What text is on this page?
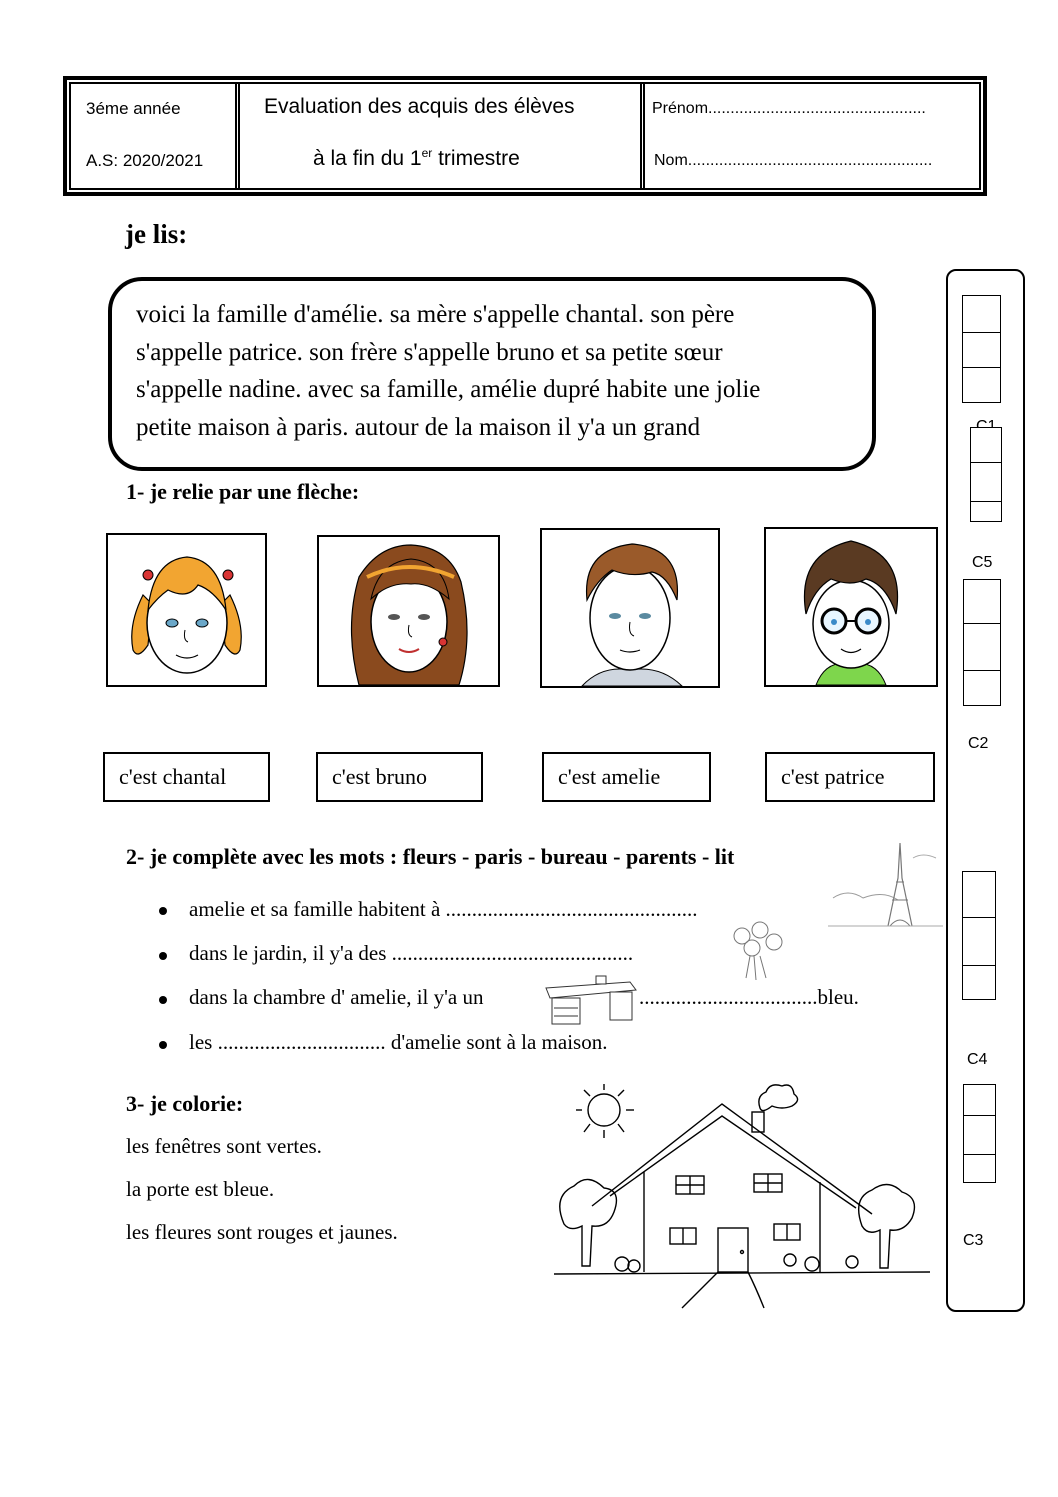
3éme année
A.S: 2020/2021
Evaluation des acquis des élèves
à la fin du 1er trimestre
Prénom.................................................
Nom.......................................................
je lis:
voici la famille d'amélie. sa mère s'appelle chantal. son père
s'appelle patrice. son frère s'appelle bruno et sa petite sœur
s'appelle nadine. avec sa famille, amélie dupré habite une jolie
petite maison à paris. autour de la maison il y'a un grand
1- je relie par une flèche:
c'est chantal	c'est bruno	c'est amelie	c'est patrice
2- je complète avec les mots : fleurs - paris - bureau - parents - lit
amelie et sa famille habitent à ................................................
dans le jardin, il y'a des ..............................................
dans la chambre d' amelie, il y'a un	..................................bleu.
les ................................ d'amelie sont à la maison.
3- je colorie:
les fenêtres sont vertes.
la porte est bleue.
les fleures sont rouges et jaunes.
C5
C2
C4
C3
